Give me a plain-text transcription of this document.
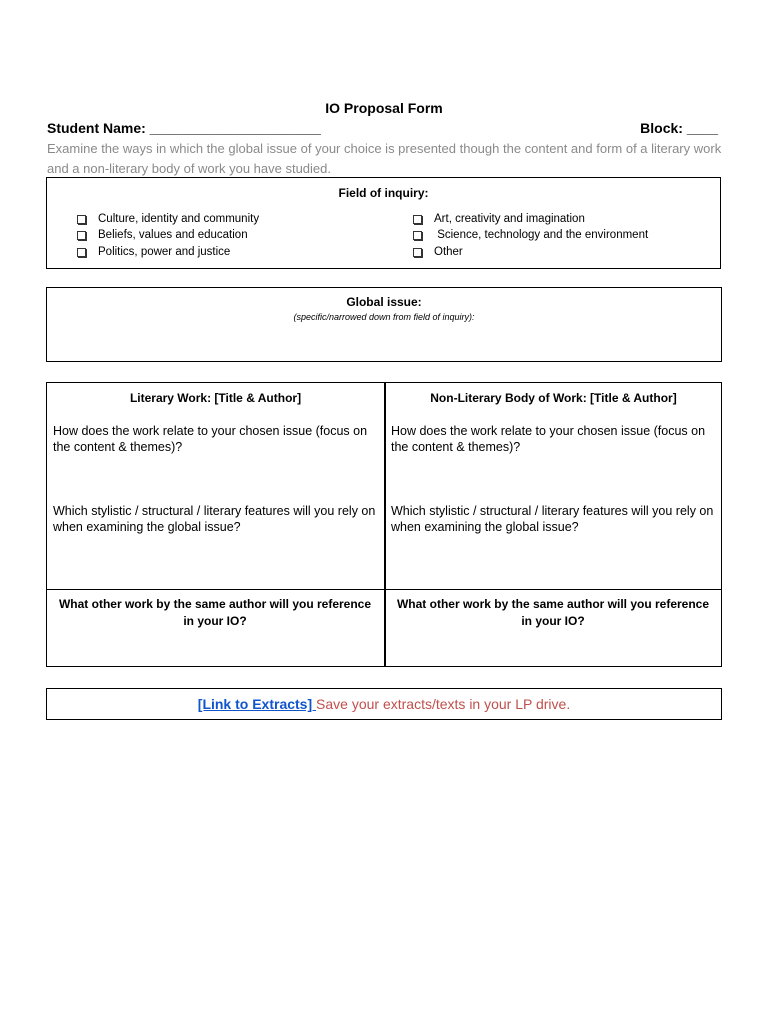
IO Proposal Form
Student Name: ______________________	Block: ____
Examine the ways in which the global issue of your choice is presented though the content and form of a literary work and a non-literary body of work you have studied.
Field of inquiry:
Culture, identity and community
Beliefs, values and education
Politics, power and justice
Art, creativity and imagination
Science, technology and the environment
Other
Global issue:
(specific/narrowed down from field of inquiry):
Literary Work: [Title & Author]	Non-Literary Body of Work: [Title & Author]
How does the work relate to your chosen issue (focus on the content & themes)?
How does the work relate to your chosen issue (focus on the content & themes)?
Which stylistic / structural / literary features will you rely on when examining the global issue?
Which stylistic / structural / literary features will you rely on when examining the global issue?
What other work by the same author will you reference in your IO?
What other work by the same author will you reference in your IO?
[Link to Extracts] Save your extracts/texts in your LP drive.
